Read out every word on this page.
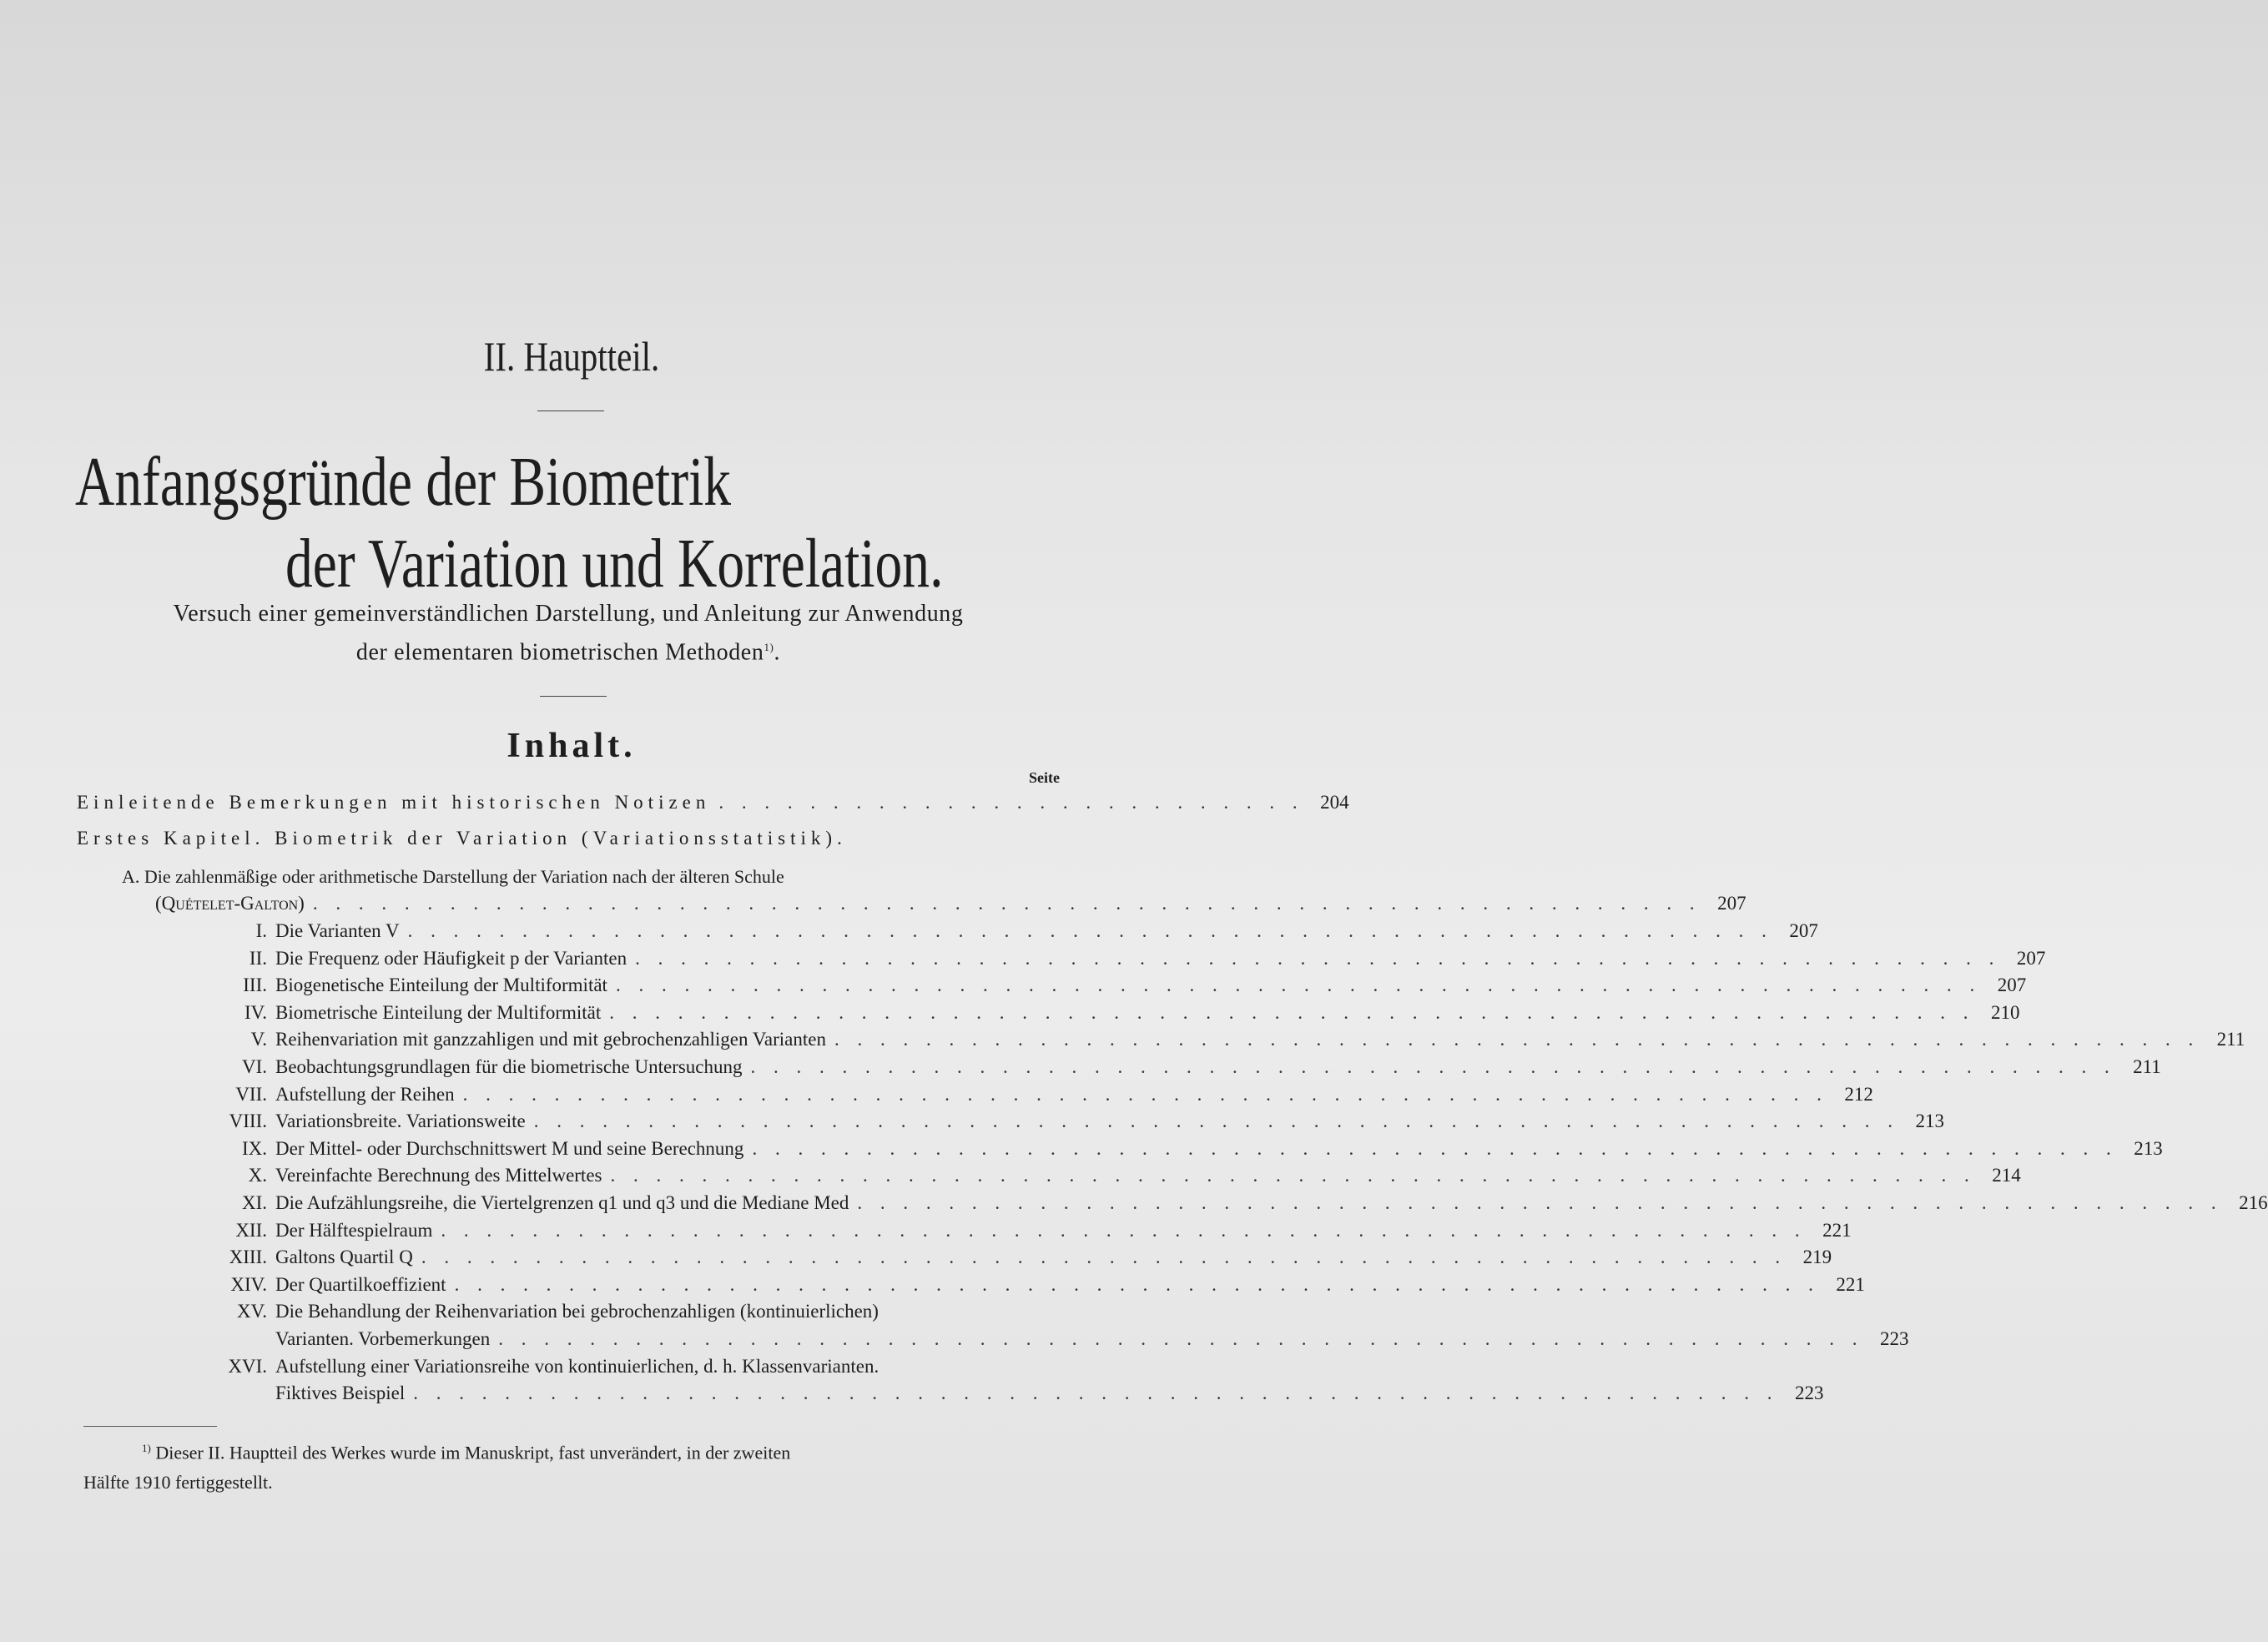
II. Hauptteil.
Anfangsgründe der Biometrik
der Variation und Korrelation.
Versuch einer gemeinverständlichen Darstellung, und Anleitung zur Anwendung
der elementaren biometrischen Methoden$^{1)}$.
Inhalt.
Seite
Einleitende Bemerkungen mit historischen Notizen . . . . . . . . . . . . . . . . . . . . . . . . . . 204
Erstes Kapitel. Biometrik der Variation (Variationsstatistik).
A. Die zahlenmäßige oder arithmetische Darstellung der Variation nach der älteren Schule
(Quételet-Galton) . . . . . . . . . . . . . . . . . . . . . . . . . . . . . . . . . . . . . . . . . . . . . . . . . . . . . . . . . . . . . 207
I. Die Varianten V . . . . . . . . . . . . . . . . . . . . . . . . . . . . . . . . . . . . . . . . . . . . . . . . . . . . . . . . . . . . 207
II. Die Frequenz oder Häufigkeit p der Varianten . . . . . . . . . . . . . . . . . . . . . . . . . . . . . . . . . . . . . . . . . . . . . . . . . . . . . . . . . . . . 207
III. Biogenetische Einteilung der Multiformität . . . . . . . . . . . . . . . . . . . . . . . . . . . . . . . . . . . . . . . . . . . . . . . . . . . . . . . . . . . . 207
IV. Biometrische Einteilung der Multiformität . . . . . . . . . . . . . . . . . . . . . . . . . . . . . . . . . . . . . . . . . . . . . . . . . . . . . . . . . . . . 210
V. Reihenvariation mit ganzzahligen und mit gebrochenzahligen Varianten . . . . . . . . . . . . . . . . . . . . . . . . . . . . . . . . . . . . . . . . . . . . . . . . . . . . . . . . . . . . 211
VI. Beobachtungsgrundlagen für die biometrische Untersuchung . . . . . . . . . . . . . . . . . . . . . . . . . . . . . . . . . . . . . . . . . . . . . . . . . . . . . . . . . . . . 211
VII. Aufstellung der Reihen . . . . . . . . . . . . . . . . . . . . . . . . . . . . . . . . . . . . . . . . . . . . . . . . . . . . . . . . . . . . 212
VIII. Variationsbreite. Variationsweite . . . . . . . . . . . . . . . . . . . . . . . . . . . . . . . . . . . . . . . . . . . . . . . . . . . . . . . . . . . . 213
IX. Der Mittel- oder Durchschnittswert M und seine Berechnung . . . . . . . . . . . . . . . . . . . . . . . . . . . . . . . . . . . . . . . . . . . . . . . . . . . . . . . . . . . . 213
X. Vereinfachte Berechnung des Mittelwertes . . . . . . . . . . . . . . . . . . . . . . . . . . . . . . . . . . . . . . . . . . . . . . . . . . . . . . . . . . . . 214
XI. Die Aufzählungsreihe, die Viertelgrenzen q1 und q3 und die Mediane Med . . . . . . . . . . . . . . . . . . . . . . . . . . . . . . . . . . . . . . . . . . . . . . . . . . . . . . . . . . . . 216
XII. Der Hälftespielraum . . . . . . . . . . . . . . . . . . . . . . . . . . . . . . . . . . . . . . . . . . . . . . . . . . . . . . . . . . . . 221
XIII. Galtons Quartil Q . . . . . . . . . . . . . . . . . . . . . . . . . . . . . . . . . . . . . . . . . . . . . . . . . . . . . . . . . . . . 219
XIV. Der Quartilkoeffizient . . . . . . . . . . . . . . . . . . . . . . . . . . . . . . . . . . . . . . . . . . . . . . . . . . . . . . . . . . . . 221
XV. Die Behandlung der Reihenvariation bei gebrochenzahligen (kontinuierlichen)
Varianten. Vorbemerkungen . . . . . . . . . . . . . . . . . . . . . . . . . . . . . . . . . . . . . . . . . . . . . . . . . . . . . . . . . . . . 223
XVI. Aufstellung einer Variationsreihe von kontinuierlichen, d. h. Klassenvarianten.
Fiktives Beispiel . . . . . . . . . . . . . . . . . . . . . . . . . . . . . . . . . . . . . . . . . . . . . . . . . . . . . . . . . . . . 223
$^{1)}$ Dieser II. Hauptteil des Werkes wurde im Manuskript, fast unverändert, in der zweiten
Hälfte 1910 fertiggestellt.
